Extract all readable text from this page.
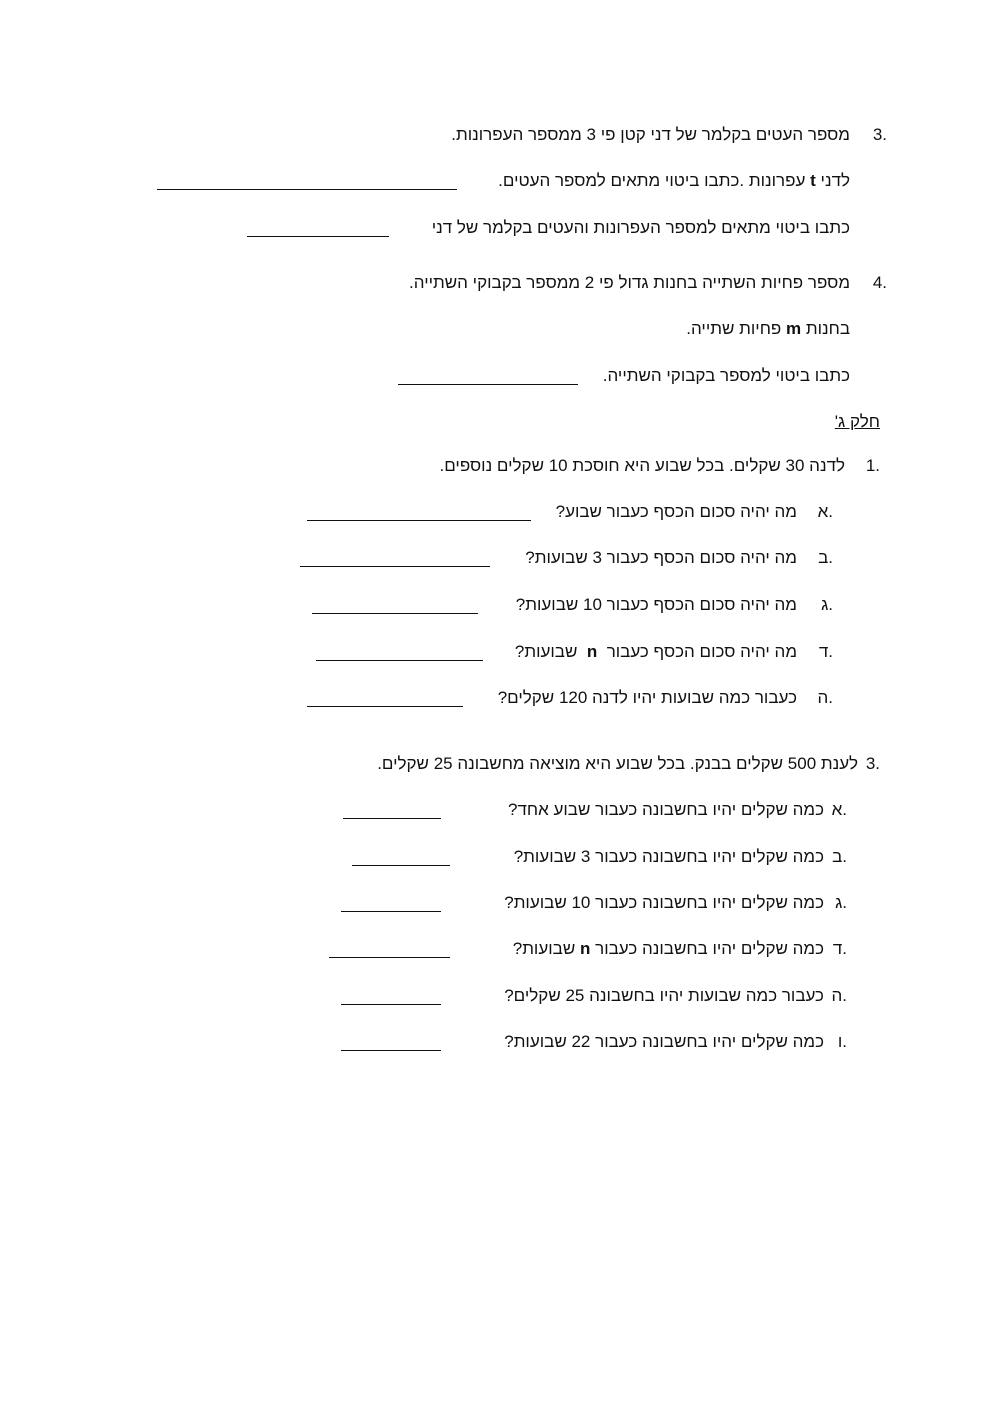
3.
מספר העטים בקלמר של דני קטן פי 3 ממספר העפרונות.
לדני t עפרונות .כתבו ביטוי מתאים למספר העטים.
כתבו ביטוי מתאים למספר העפרונות והעטים בקלמר של דני
4.
מספר פחיות השתייה בחנות גדול פי 2 ממספר בקבוקי השתייה.
בחנות m פחיות שתייה.
כתבו ביטוי למספר בקבוקי השתייה.
חלק ג'
1.
לדנה 30 שקלים. בכל שבוע היא חוסכת 10 שקלים נוספים.
א.
מה יהיה סכום הכסף כעבור שבוע?
ב.
מה יהיה סכום הכסף כעבור 3 שבועות?
ג.
מה יהיה סכום הכסף כעבור 10 שבועות?
ד.
מה יהיה סכום הכסף כעבור  n  שבועות?
ה.
כעבור כמה שבועות יהיו לדנה 120 שקלים?
3.
לענת 500 שקלים בבנק. בכל שבוע היא מוציאה מחשבונה 25 שקלים.
א.
כמה שקלים יהיו בחשבונה כעבור שבוע אחד?
ב.
כמה שקלים יהיו בחשבונה כעבור 3 שבועות?
ג.
כמה שקלים יהיו בחשבונה כעבור 10 שבועות?
ד.
כמה שקלים יהיו בחשבונה כעבור n שבועות?
ה.
כעבור כמה שבועות יהיו בחשבונה 25 שקלים?
ו.
כמה שקלים יהיו בחשבונה כעבור 22 שבועות?
